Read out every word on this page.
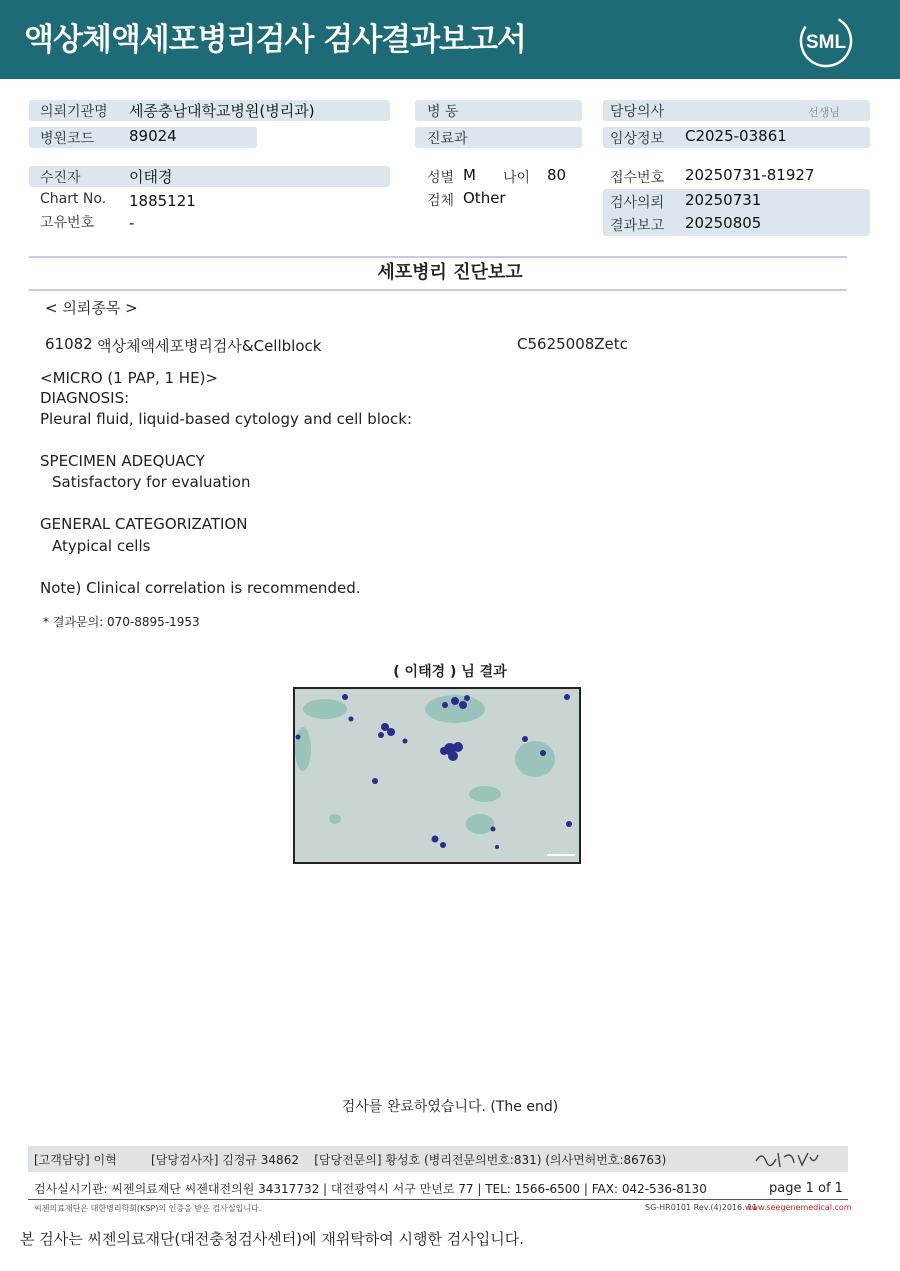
액상체액세포병리검사 검사결과보고서	SML
의뢰기관명 세종충남대학교병원(병리과)
병원코드 89024
수진자	이태경
Chart No. 1885121
고유번호 -
병 동
진료과
성별 M 나이 80
검체 Other
담당의사	선생님
임상정보 C2025-03861
접수번호 20250731-81927
검사의뢰 20250731
결과보고 20250805
세포병리 진단보고
< 의뢰종목 >
61082 액상체액세포병리검사&Cellblock	C5625008Zetc
<MICRO (1 PAP, 1 HE)>
DIAGNOSIS:
Pleural fluid, liquid-based cytology and cell block:
SPECIMEN ADEQUACY
Satisfactory for evaluation
GENERAL CATEGORIZATION
Atypical cells
Note) Clinical correlation is recommended.
* 결과문의: 070-8895-1953
( 이태경 ) 님 결과
검사를 완료하였습니다. (The end)
[고객담당] 이혁         [담당검사자] 김정규 34862    [담당전문의] 황성호 (병리전문의번호:831) (의사면허번호:86763)
검사실시기관: 씨젠의료재단 씨젠대전의원 34317732 | 대전광역시 서구 만년로 77 | TEL: 1566-6500 | FAX: 042-536-8130	page 1 of 1
씨젠의료재단은 대한병리학회(KSP)의 인증을 받은 검사실입니다.	SG-HR0101 Rev.(4)2016. 11
www.seegenemedical.com
본 검사는 씨젠의료재단(대전충청검사센터)에 재위탁하여 시행한 검사입니다.
